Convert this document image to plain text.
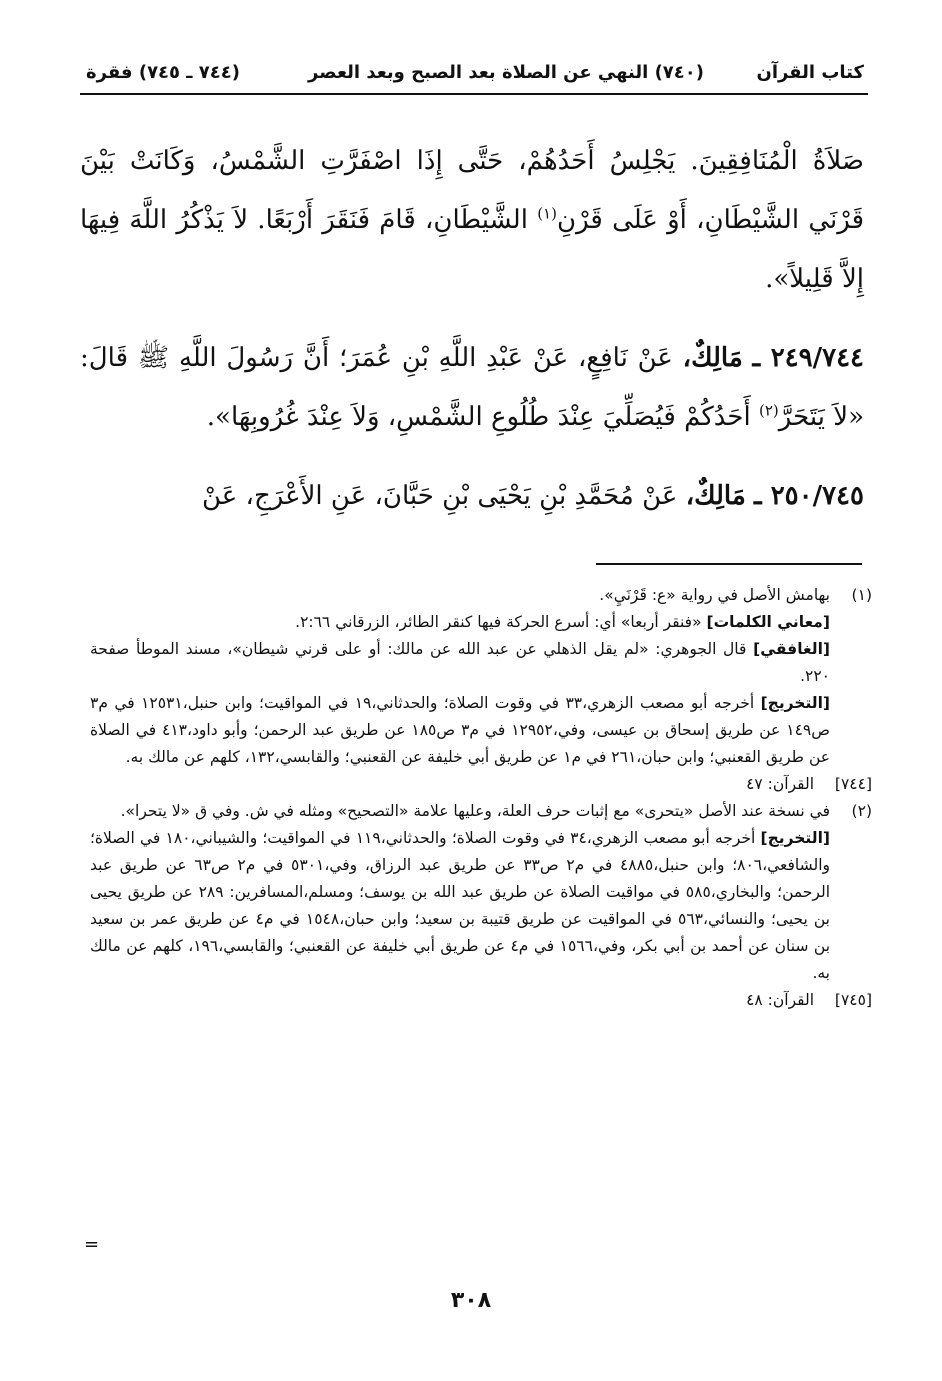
كتاب القرآن
(٧٤٠) النهي عن الصلاة بعد الصبح وبعد العصر
(٧٤٤ ـ ٧٤٥) فقرة

صَلاَةُ الْمُنَافِقِينَ. يَجْلِسُ أَحَدُهُمْ، حَتَّى إِذَا اصْفَرَّتِ الشَّمْسُ، وَكَانَتْ بَيْنَ قَرْنَي الشَّيْطَانِ، أَوْ عَلَى قَرْنِ$^{(١)}$ الشَّيْطَانِ، قَامَ فَنَقَرَ أَرْبَعًا. لاَ يَذْكُرُ اللَّهَ فِيهَا إِلاَّ قَلِيلاً».

٢٤٩/٧٤٤ ـ مَالِكٌ، عَنْ نَافِعٍ، عَنْ عَبْدِ اللَّهِ بْنِ عُمَرَ؛ أَنَّ رَسُولَ اللَّهِ ﷺ قَالَ: «لاَ يَتَحَرَّ$^{(٢)}$ أَحَدُكُمْ فَيُصَلِّيَ عِنْدَ طُلُوعِ الشَّمْسِ، وَلاَ عِنْدَ غُرُوبِهَا».

٢٥٠/٧٤٥ ـ مَالِكٌ، عَنْ مُحَمَّدِ بْنِ يَحْيَى بْنِ حَبَّانَ، عَنِ الأَعْرَجِ، عَنْ

(١)

بهامش الأصل في رواية «ع: قَرْنَيِ».

[معاني الكلمات] «فنقر أربعا» أي: أسرع الحركة فيها كنقر الطائر، الزرقاني ٢:٦٦.

[الغافقي] قال الجوهري: «لم يقل الذهلي عن عبد الله عن مالك: أو على قرني شيطان»، مسند الموطأ صفحة ٢٢٠.

[التخريج] أخرجه أبو مصعب الزهري،٣٣ في وقوت الصلاة؛ والحدثاني،١٩ في المواقيت؛ وابن حنبل،١٢٥٣١ في م٣ ص١٤٩ عن طريق إسحاق بن عيسى، وفي،١٢٩٥٢ في م٣ ص١٨٥ عن طريق عبد الرحمن؛ وأبو داود،٤١٣ في الصلاة عن طريق القعنبي؛ وابن حبان،٢٦١ في م١ عن طريق أبي خليفة عن القعنبي؛ والقابسي،١٣٢، كلهم عن مالك به.

[٧٤٤]
القرآن: ٤٧
(٢)

في نسخة عند الأصل «يتحرى» مع إثبات حرف العلة، وعليها علامة «التصحيح» ومثله في ش. وفي ق «لا يتحرا».

[التخريج] أخرجه أبو مصعب الزهري،٣٤ في وقوت الصلاة؛ والحدثاني،١١٩ في المواقيت؛ والشيباني،١٨٠ في الصلاة؛ والشافعي،٨٠٦؛ وابن حنبل،٤٨٨٥ في م٢ ص٣٣ عن طريق عبد الرزاق، وفي،٥٣٠١ في م٢ ص٦٣ عن طريق عبد الرحمن؛ والبخاري،٥٨٥ في مواقيت الصلاة عن طريق عبد الله بن يوسف؛ ومسلم،المسافرين: ٢٨٩ عن طريق يحيى بن يحيى؛ والنسائي،٥٦٣ في المواقيت عن طريق قتيبة بن سعيد؛ وابن حبان،١٥٤٨ في م٤ عن طريق عمر بن سعيد بن سنان عن أحمد بن أبي بكر، وفي،١٥٦٦ في م٤ عن طريق أبي خليفة عن القعنبي؛ والقابسي،١٩٦، كلهم عن مالك به.

[٧٤٥]
القرآن: ٤٨
=
٣٠٨
